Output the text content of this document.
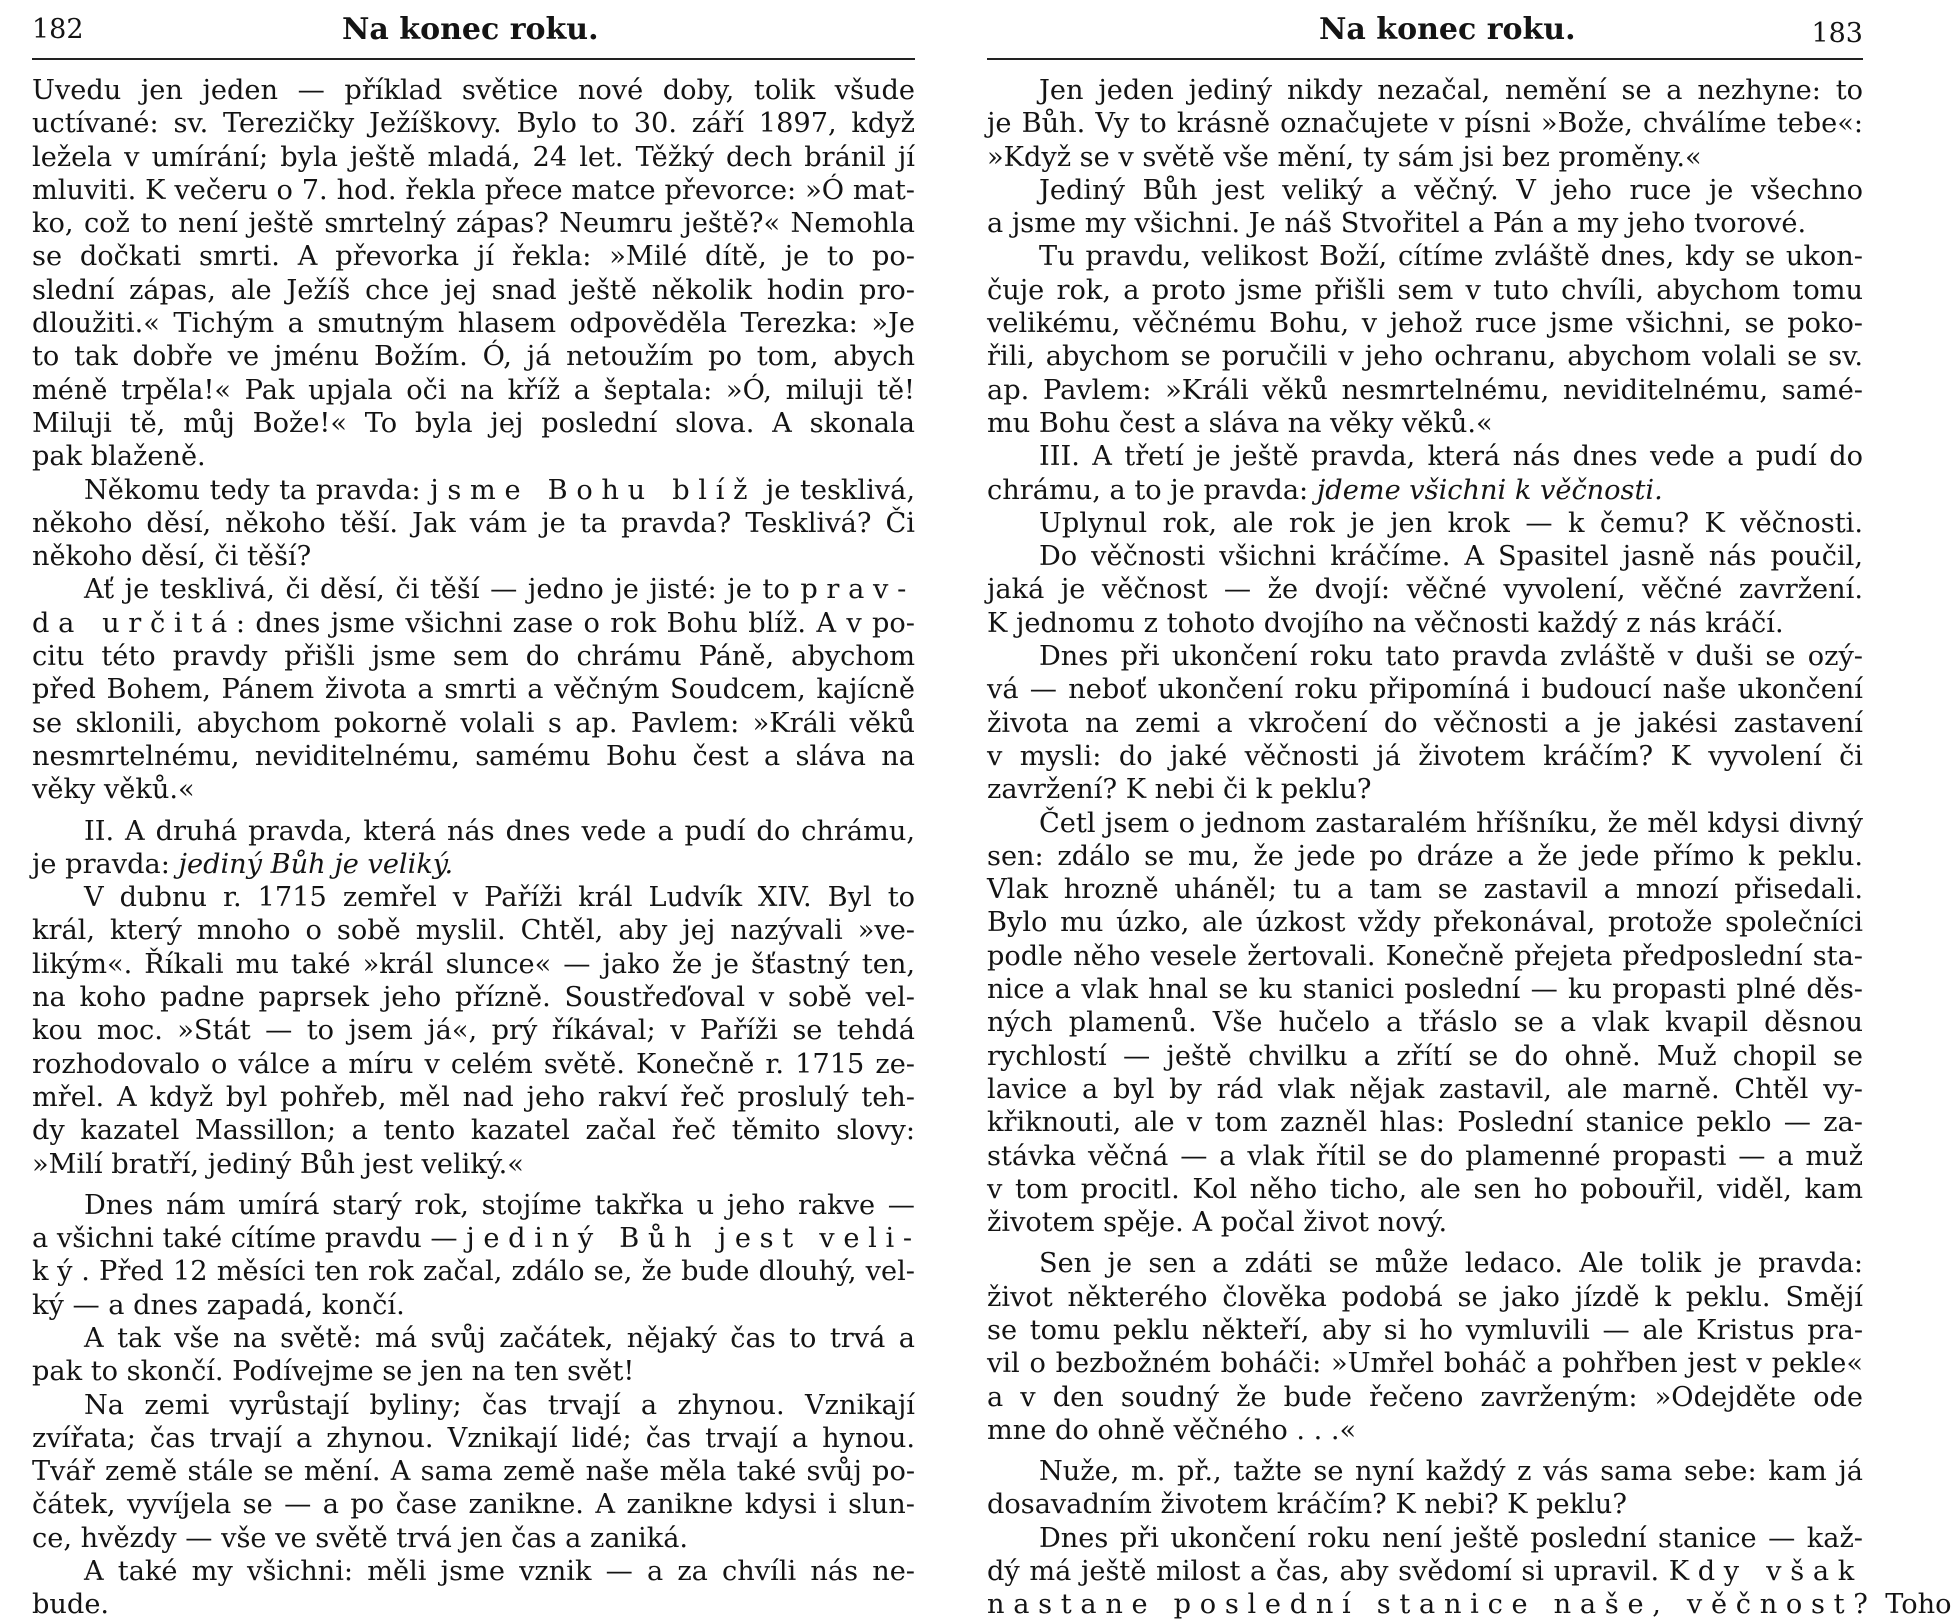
182	Na konec roku.
Uvedu jen jeden — příklad světice nové doby, tolik všude
uctívané: sv. Terezičky Ježíškovy. Bylo to 30. září 1897, když
ležela v umírání; byla ještě mladá, 24 let. Těžký dech bránil jí
mluviti. K večeru o 7. hod. řekla přece matce převorce: »Ó mat-
ko, což to není ještě smrtelný zápas? Neumru ještě?« Nemohla
se dočkati smrti. A převorka jí řekla: »Milé dítě, je to po-
slední zápas, ale Ježíš chce jej snad ještě několik hodin pro-
dloužiti.« Tichým a smutným hlasem odpověděla Terezka: »Je
to tak dobře ve jménu Božím. Ó, já netoužím po tom, abych
méně trpěla!« Pak upjala oči na kříž a šeptala: »Ó, miluji tě!
Miluji tě, můj Bože!« To byla jej poslední slova. A skonala
pak blaženě.
Někomu tedy ta pravda: jsme Bohu blíž je tesklivá,
někoho děsí, někoho těší. Jak vám je ta pravda? Tesklivá? Či
někoho děsí, či těší?
Ať je tesklivá, či děsí, či těší — jedno je jisté: je to prav-
da určitá: dnes jsme všichni zase o rok Bohu blíž. A v po-
citu této pravdy přišli jsme sem do chrámu Páně, abychom
před Bohem, Pánem života a smrti a věčným Soudcem, kajícně
se sklonili, abychom pokorně volali s ap. Pavlem: »Králi věků
nesmrtelnému, neviditelnému, samému Bohu čest a sláva na
věky věků.«
II. A druhá pravda, která nás dnes vede a pudí do chrámu,
je pravda: jediný Bůh je veliký.
V dubnu r. 1715 zemřel v Paříži král Ludvík XIV. Byl to
král, který mnoho o sobě myslil. Chtěl, aby jej nazývali »ve-
likým«. Říkali mu také »král slunce« — jako že je šťastný ten,
na koho padne paprsek jeho přízně. Soustřeďoval v sobě vel-
kou moc. »Stát — to jsem já«, prý říkával; v Paříži se tehdá
rozhodovalo o válce a míru v celém světě. Konečně r. 1715 ze-
mřel. A když byl pohřeb, měl nad jeho rakví řeč proslulý teh-
dy kazatel Massillon; a tento kazatel začal řeč těmito slovy:
»Milí bratří, jediný Bůh jest veliký.«
Dnes nám umírá starý rok, stojíme takřka u jeho rakve —
a všichni také cítíme pravdu — jediný Bůh jest veli-
ký. Před 12 měsíci ten rok začal, zdálo se, že bude dlouhý, vel-
ký — a dnes zapadá, končí.
A tak vše na světě: má svůj začátek, nějaký čas to trvá a
pak to skončí. Podívejme se jen na ten svět!
Na zemi vyrůstají byliny; čas trvají a zhynou. Vznikají
zvířata; čas trvají a zhynou. Vznikají lidé; čas trvají a hynou.
Tvář země stále se mění. A sama země naše měla také svůj po-
čátek, vyvíjela se — a po čase zanikne. A zanikne kdysi i slun-
ce, hvězdy — vše ve světě trvá jen čas a zaniká.
A také my všichni: měli jsme vznik — a za chvíli nás ne-
bude.
Na konec roku.	183
Jen jeden jediný nikdy nezačal, nemění se a nezhyne: to
je Bůh. Vy to krásně označujete v písni »Bože, chválíme tebe«:
»Když se v světě vše mění, ty sám jsi bez proměny.«
Jediný Bůh jest veliký a věčný. V jeho ruce je všechno
a jsme my všichni. Je náš Stvořitel a Pán a my jeho tvorové.
Tu pravdu, velikost Boží, cítíme zvláště dnes, kdy se ukon-
čuje rok, a proto jsme přišli sem v tuto chvíli, abychom tomu
velikému, věčnému Bohu, v jehož ruce jsme všichni, se poko-
řili, abychom se poručili v jeho ochranu, abychom volali se sv.
ap. Pavlem: »Králi věků nesmrtelnému, neviditelnému, samé-
mu Bohu čest a sláva na věky věků.«
III. A třetí je ještě pravda, která nás dnes vede a pudí do
chrámu, a to je pravda: jdeme všichni k věčnosti.
Uplynul rok, ale rok je jen krok — k čemu? K věčnosti.
Do věčnosti všichni kráčíme. A Spasitel jasně nás poučil,
jaká je věčnost — že dvojí: věčné vyvolení, věčné zavržení.
K jednomu z tohoto dvojího na věčnosti každý z nás kráčí.
Dnes při ukončení roku tato pravda zvláště v duši se ozý-
vá — neboť ukončení roku připomíná i budoucí naše ukončení
života na zemi a vkročení do věčnosti a je jakési zastavení
v mysli: do jaké věčnosti já životem kráčím? K vyvolení či
zavržení? K nebi či k peklu?
Četl jsem o jednom zastaralém hříšníku, že měl kdysi divný
sen: zdálo se mu, že jede po dráze a že jede přímo k peklu.
Vlak hrozně uháněl; tu a tam se zastavil a mnozí přisedali.
Bylo mu úzko, ale úzkost vždy překonával, protože společníci
podle něho vesele žertovali. Konečně přejeta předposlední sta-
nice a vlak hnal se ku stanici poslední — ku propasti plné děs-
ných plamenů. Vše hučelo a třáslo se a vlak kvapil děsnou
rychlostí — ještě chvilku a zřítí se do ohně. Muž chopil se
lavice a byl by rád vlak nějak zastavil, ale marně. Chtěl vy-
křiknouti, ale v tom zazněl hlas: Poslední stanice peklo — za-
stávka věčná — a vlak řítil se do plamenné propasti — a muž
v tom procitl. Kol něho ticho, ale sen ho pobouřil, viděl, kam
životem spěje. A počal život nový.
Sen je sen a zdáti se může ledaco. Ale tolik je pravda:
život některého člověka podobá se jako jízdě k peklu. Smějí
se tomu peklu někteří, aby si ho vymluvili — ale Kristus pra-
vil o bezbožném boháči: »Umřel boháč a pohřben jest v pekle«
a v den soudný že bude řečeno zavrženým: »Odejděte ode
mne do ohně věčného . . .«
Nuže, m. př., tažte se nyní každý z vás sama sebe: kam já
dosavadním životem kráčím? K nebi? K peklu?
Dnes při ukončení roku není ještě poslední stanice — kaž-
dý má ještě milost a čas, aby svědomí si upravil. Kdy však
nastane poslední stanice naše, věčnost? Toho
